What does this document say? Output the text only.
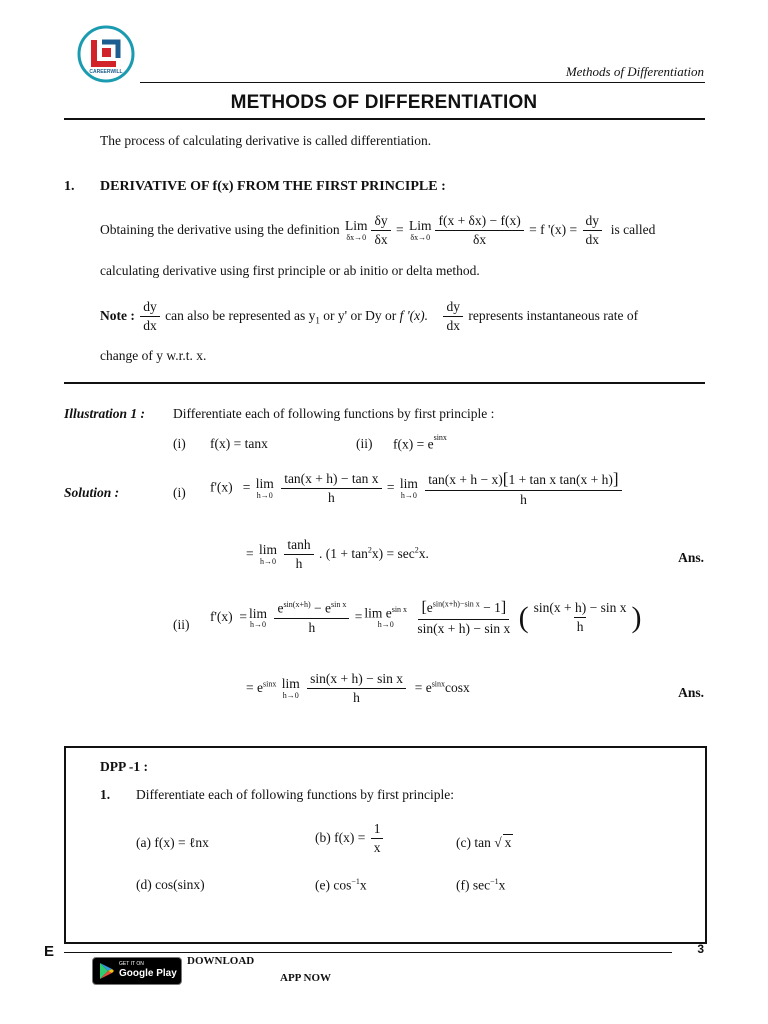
CAREERWILL	Methods of Differentiation
METHODS OF DIFFERENTIATION
The process of calculating derivative is called differentiation.
1. DERIVATIVE OF f(x) FROM THE FIRST PRINCIPLE :
Obtaining the derivative using the definition Lim
$\delta x\to 0 \frac{\delta y}{\delta x}$ = Lim
$\delta x\to 0 \frac{f(x + \delta x) - f(x)}{\delta x} = f$ '$(x) = \frac{dy}{dx}$ is called
calculating derivative using first principle or ab initio or delta method.
Note : $\frac{dy}{dx}$ can also be represented as $y_1$ or y' or Dy or f '(x). $\frac{dy}{dx}$ represents instantaneous rate of
change of y w.r.t. x.
Illustration 1 : Differentiate each of following functions by first principle :
(i) f(x) = tanx	(ii) $f(x) = e^{sinx}$
Solution :	(i) f'(x) = lim
h→0
$\frac{\text{tan(x + h) − tan x}}{h} = \lim$
h→0
$\frac{\text{tan(x + h − x)[1 + tan x tan(x + h)]}}{h}$
= lim
h→0
$\frac{\tanh}{h}$ . $(1 + \tan^2x) = \sec^2x$.	Ans.
(ii)
f'(x) = lim
h→0
$\frac{e^{sin(x+h)} - e^{sin x}}{h} = \lim e^{sin x}$
h→0
$\frac{[e^{sin(x+h)-sin x} - 1]}{\text{sin(x + h) − sin x}}$ ( $\frac{\text{sin(x + h) − sin x}}{h}$ )
= $e^{sinx}$ lim
h→0
$\frac{\text{sin(x + h) − sin x}}{h} = e^{sinx}\cos x$	Ans.
DPP -1 :
1. Differentiate each of following functions by first principle:
(a) f(x) = ℓnx	(b) $f(x) = \frac{1}{x}$	(c) tan √ x
(d) cos(sinx)	(e) $\cos^{-1}x$	(f) $\sec^{-1}x$
E	3
GET IT ON
Google Play
DOWNLOAD
APP NOW
